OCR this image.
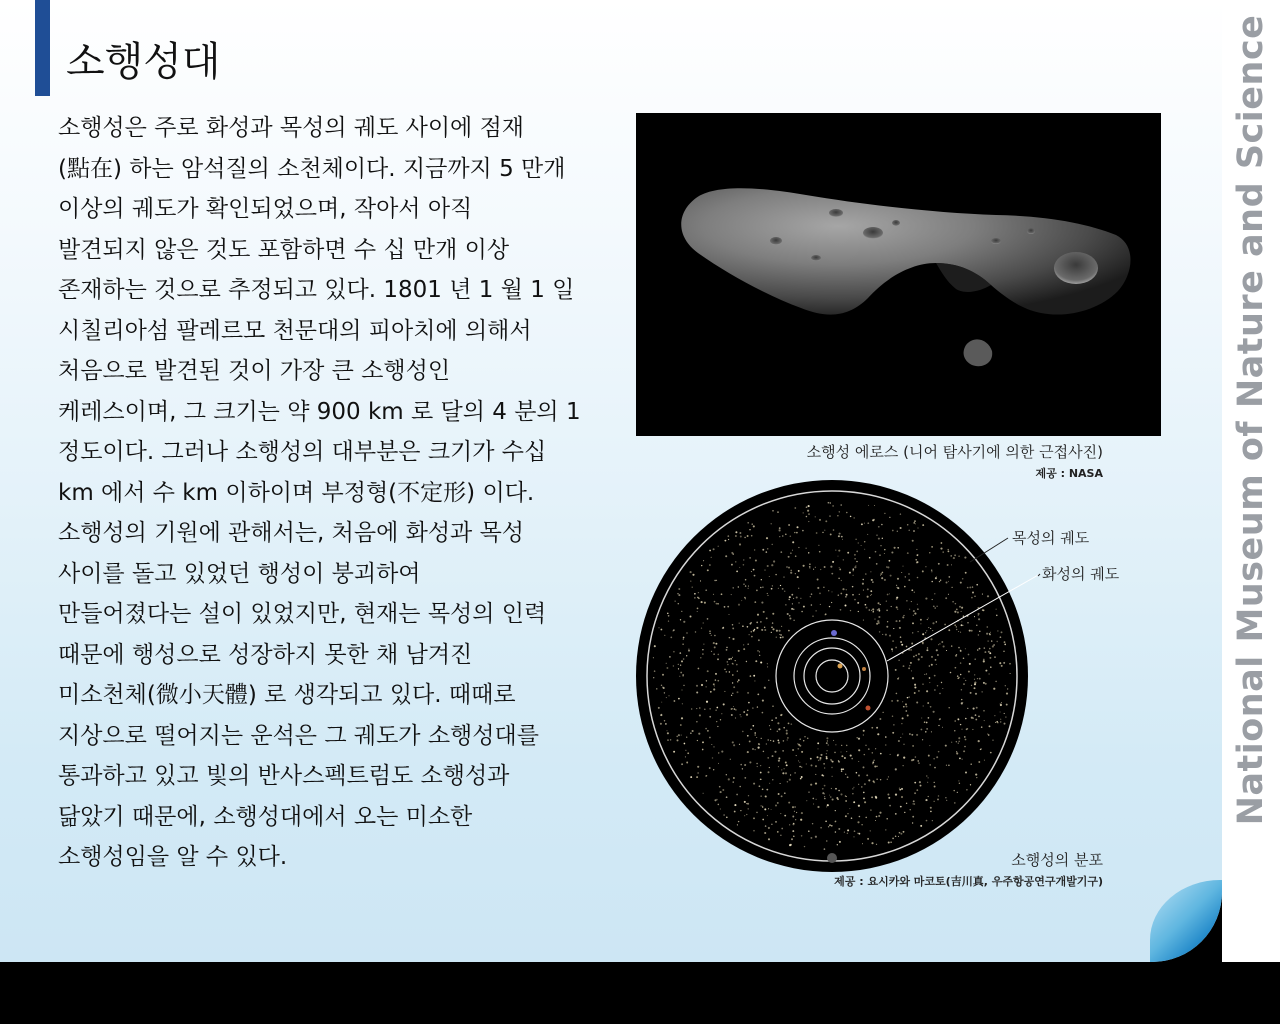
소행성대
소행성은 주로 화성과 목성의 궤도 사이에 점재
(點在) 하는 암석질의 소천체이다. 지금까지 5 만개
이상의 궤도가 확인되었으며, 작아서 아직
발견되지 않은 것도 포함하면 수 십 만개 이상
존재하는 것으로 추정되고 있다. 1801 년 1 월 1 일
시칠리아섬 팔레르모 천문대의 피아치에 의해서
처음으로 발견된 것이 가장 큰 소행성인
케레스이며, 그 크기는 약 900 km 로 달의 4 분의 1
정도이다. 그러나 소행성의 대부분은 크기가 수십
km 에서 수 km 이하이며 부정형(不定形) 이다.
소행성의 기원에 관해서는, 처음에 화성과 목성
사이를 돌고 있었던 행성이 붕괴하여
만들어졌다는 설이 있었지만, 현재는 목성의 인력
때문에 행성으로 성장하지 못한 채 남겨진
미소천체(微小天體) 로 생각되고 있다. 때때로
지상으로 떨어지는 운석은 그 궤도가 소행성대를
통과하고 있고 빛의 반사스펙트럼도 소행성과
닮았기 때문에, 소행성대에서 오는 미소한
소행성임을 알 수 있다.
소행성 에로스 (니어 탐사기에 의한 근접사진)
제공 : NASA
목성의 궤도
화성의 궤도
소행성의 분포
제공 : 요시카와 마코토(吉川真, 우주항공연구개발기구)
National Museum of Nature and Science
